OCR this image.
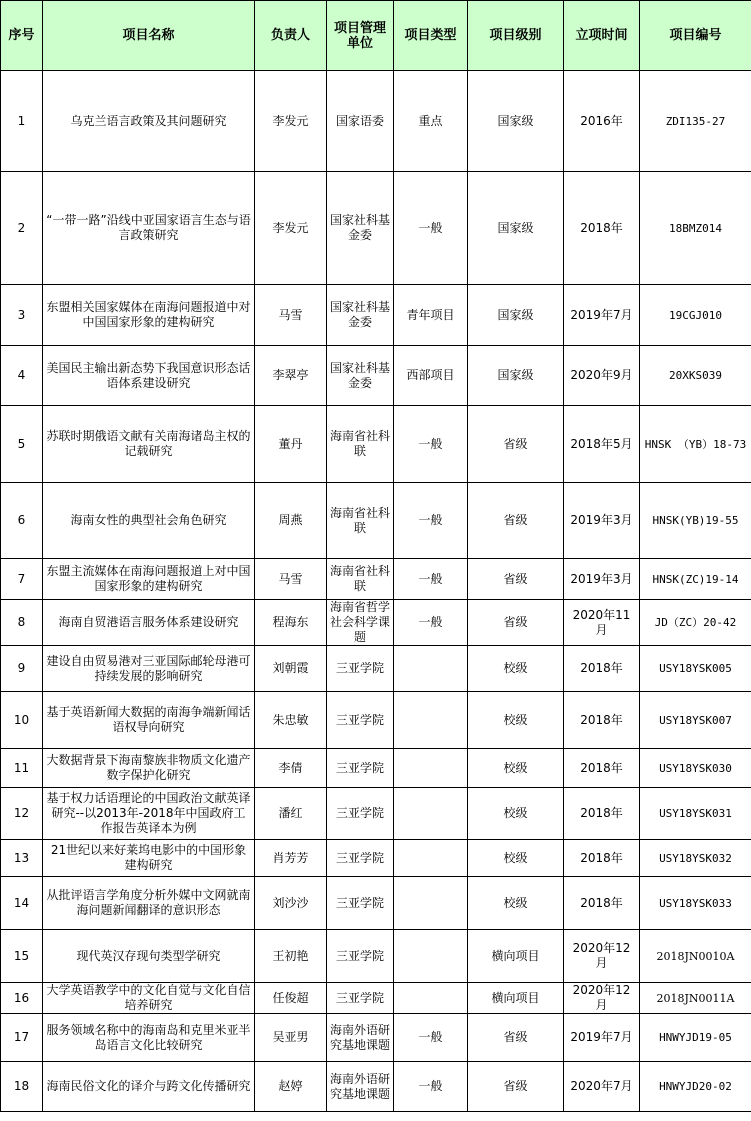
序号	项目名称	负责人	项目管理单位	项目类型	项目级别	立项时间	项目编号
1	乌克兰语言政策及其问题研究	李发元	国家语委	重点	国家级	2016年	ZDI135-27
2	“一带一路”沿线中亚国家语言生态与语言政策研究	李发元	国家社科基金委	一般	国家级	2018年	18BMZ014
3	东盟相关国家媒体在南海问题报道中对中国国家形象的建构研究	马雪	国家社科基金委	青年项目	国家级	2019年7月	19CGJ010
4	美国民主输出新态势下我国意识形态话语体系建设研究	李翠亭	国家社科基金委	西部项目	国家级	2020年9月	20XKS039
5	苏联时期俄语文献有关南海诸岛主权的记载研究	董丹	海南省社科联	一般	省级	2018年5月	HNSK （YB）18-73
6	海南女性的典型社会角色研究	周燕	海南省社科联	一般	省级	2019年3月	HNSK(YB)19-55
7	东盟主流媒体在南海问题报道上对中国国家形象的建构研究	马雪	海南省社科联	一般	省级	2019年3月	HNSK(ZC)19-14
8	海南自贸港语言服务体系建设研究	程海东	海南省哲学社会科学课题	一般	省级	2020年11月	JD（ZC）20-42
9	建设自由贸易港对三亚国际邮轮母港可持续发展的影响研究	刘朝霞	三亚学院		校级	2018年	USY18YSK005
10	基于英语新闻大数据的南海争端新闻话语权导向研究	朱忠敏	三亚学院		校级	2018年	USY18YSK007
11	大数据背景下海南黎族非物质文化遗产数字保护化研究	李倩	三亚学院		校级	2018年	USY18YSK030
12	基于权力话语理论的中国政治文献英译研究--以2013年-2018年中国政府工作报告英译本为例	潘红	三亚学院		校级	2018年	USY18YSK031
13	21世纪以来好莱坞电影中的中国形象建构研究	肖芳芳	三亚学院		校级	2018年	USY18YSK032
14	从批评语言学角度分析外媒中文网就南海问题新闻翻译的意识形态	刘沙沙	三亚学院		校级	2018年	USY18YSK033
15	现代英汉存现句类型学研究	王初艳	三亚学院		横向项目	2020年12月	2018JN0010A
16	大学英语教学中的文化自觉与文化自信培养研究	任俊超	三亚学院		横向项目	2020年12月	2018JN0011A
17	服务领域名称中的海南岛和克里米亚半岛语言文化比较研究	吴亚男	海南外语研究基地课题	一般	省级	2019年7月	HNWYJD19-05
18	海南民俗文化的译介与跨文化传播研究	赵婷	海南外语研究基地课题	一般	省级	2020年7月	HNWYJD20-02
